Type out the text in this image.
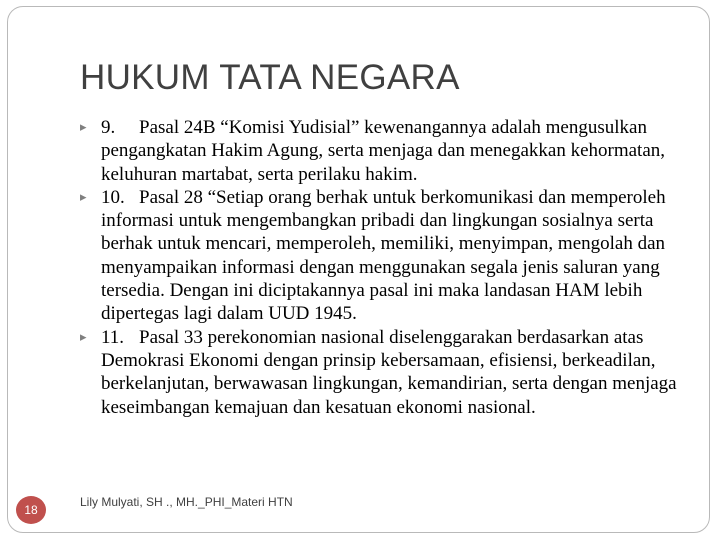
HUKUM TATA NEGARA
▸ 9.	Pasal 24B “Komisi Yudisial” kewenangannya adalah mengusulkan pengangkatan Hakim Agung, serta menjaga dan menegakkan kehormatan, keluhuran martabat, serta perilaku hakim.
▸ 10.	Pasal 28 “Setiap orang berhak untuk berkomunikasi dan memperoleh informasi untuk mengembangkan pribadi dan lingkungan sosialnya serta berhak untuk mencari, memperoleh, memiliki, menyimpan, mengolah dan menyampaikan informasi dengan menggunakan segala jenis saluran yang tersedia. Dengan ini diciptakannya pasal ini maka landasan HAM lebih dipertegas lagi dalam UUD 1945.
▸ 11.	Pasal 33 perekonomian nasional diselenggarakan berdasarkan atas Demokrasi Ekonomi dengan prinsip kebersamaan, efisiensi, berkeadilan, berkelanjutan, berwawasan lingkungan, kemandirian, serta dengan menjaga keseimbangan kemajuan dan kesatuan ekonomi nasional.
18
Lily Mulyati, SH ., MH._PHI_Materi HTN
